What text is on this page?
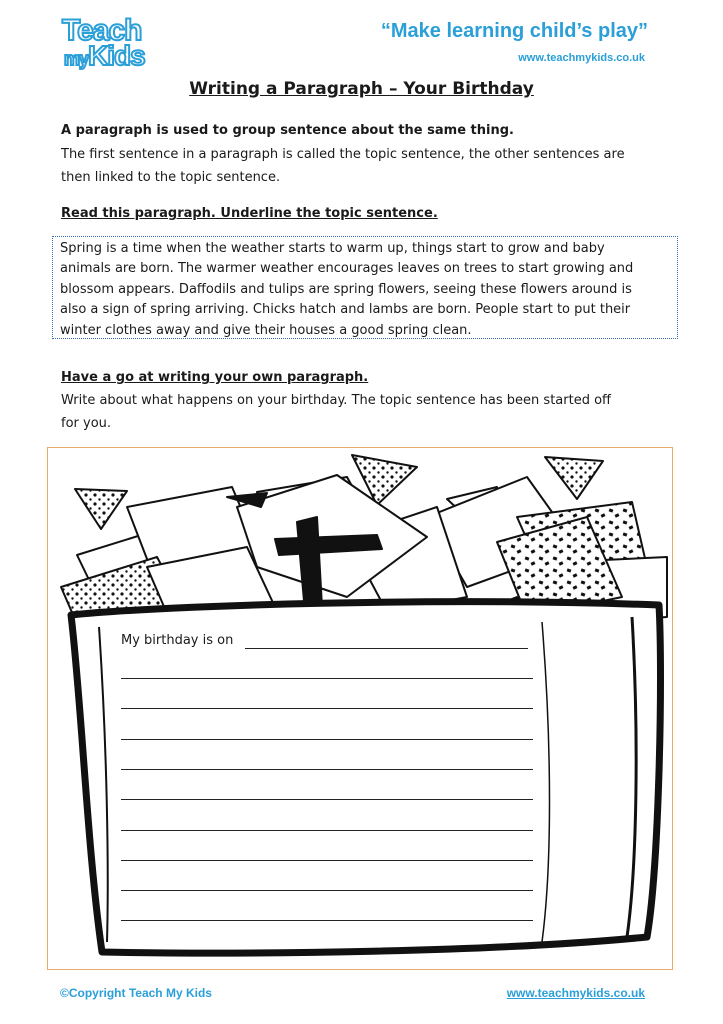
Teach
myKids
“Make learning child’s play”
www.teachmykids.co.uk
Writing a Paragraph – Your Birthday
A paragraph is used to group sentence about the same thing.
The first sentence in a paragraph is called the topic sentence, the other sentences are
then linked to the topic sentence.
Read this paragraph. Underline the topic sentence.
Spring is a time when the weather starts to warm up, things start to grow and baby
animals are born. The warmer weather encourages leaves on trees to start growing and
blossom appears. Daffodils and tulips are spring flowers, seeing these flowers around is
also a sign of spring arriving. Chicks hatch and lambs are born. People start to put their
winter clothes away and give their houses a good spring clean.
Have a go at writing your own paragraph.
Write about what happens on your birthday. The topic sentence has been started off
for you.
My birthday is on
©Copyright Teach My Kids	www.teachmykids.co.uk
